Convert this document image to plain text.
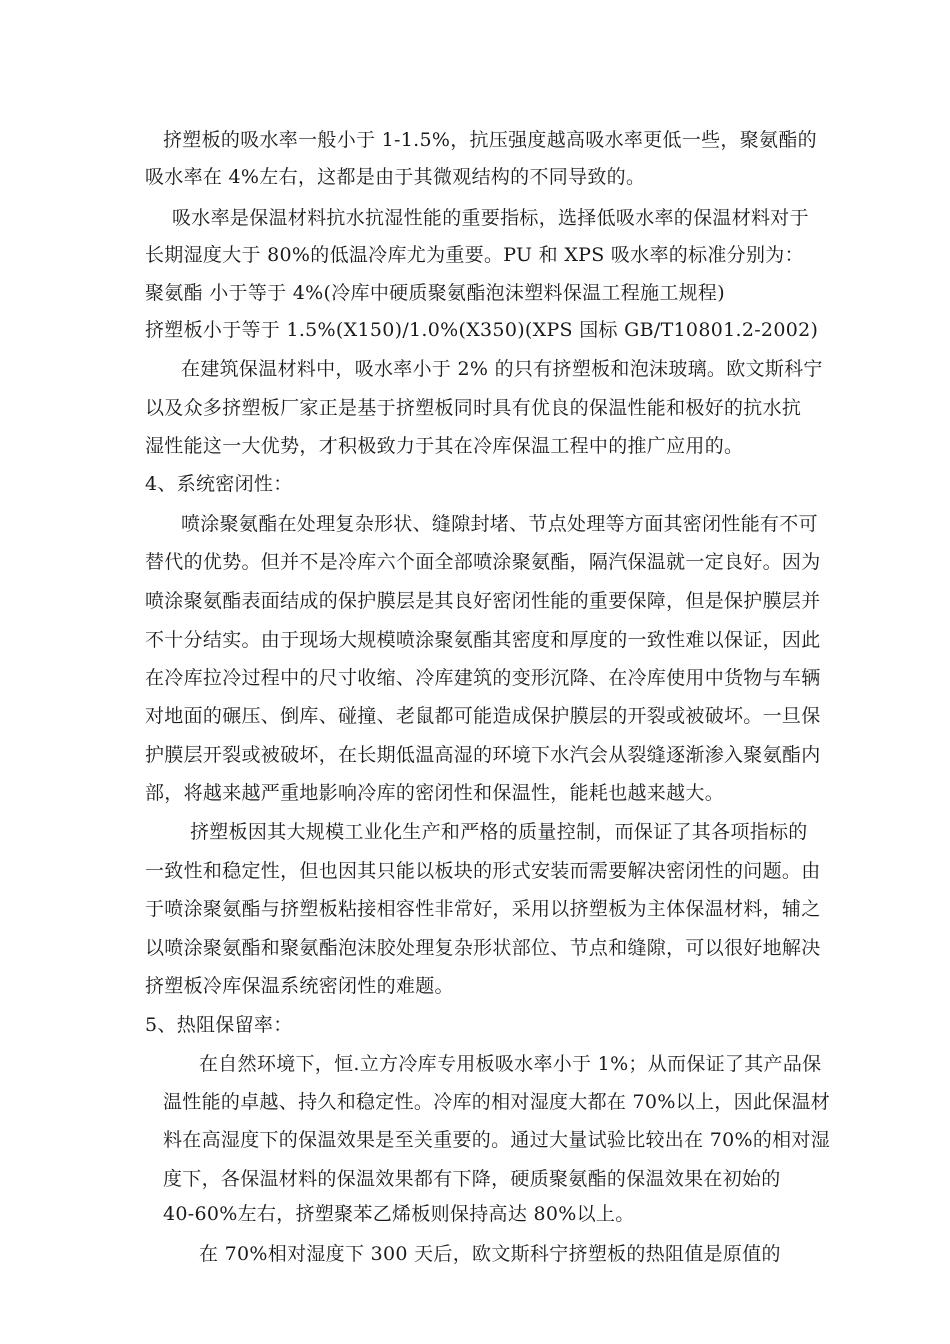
挤塑板的吸水率一般小于 1-1.5%，抗压强度越高吸水率更低一些，聚氨酯的
吸水率在 4%左右，这都是由于其微观结构的不同导致的。
吸水率是保温材料抗水抗湿性能的重要指标，选择低吸水率的保温材料对于
长期湿度大于 80%的低温冷库尤为重要。PU 和 XPS 吸水率的标准分别为：
聚氨酯 小于等于 4%(冷库中硬质聚氨酯泡沫塑料保温工程施工规程)
挤塑板小于等于 1.5%(X150)/1.0%(X350)(XPS 国标 GB/T10801.2-2002)
在建筑保温材料中，吸水率小于 2% 的只有挤塑板和泡沫玻璃。欧文斯科宁
以及众多挤塑板厂家正是基于挤塑板同时具有优良的保温性能和极好的抗水抗
湿性能这一大优势，才积极致力于其在冷库保温工程中的推广应用的。
4、系统密闭性：
喷涂聚氨酯在处理复杂形状、缝隙封堵、节点处理等方面其密闭性能有不可
替代的优势。但并不是冷库六个面全部喷涂聚氨酯，隔汽保温就一定良好。因为
喷涂聚氨酯表面结成的保护膜层是其良好密闭性能的重要保障，但是保护膜层并
不十分结实。由于现场大规模喷涂聚氨酯其密度和厚度的一致性难以保证，因此
在冷库拉冷过程中的尺寸收缩、冷库建筑的变形沉降、在冷库使用中货物与车辆
对地面的碾压、倒库、碰撞、老鼠都可能造成保护膜层的开裂或被破坏。一旦保
护膜层开裂或被破坏，在长期低温高湿的环境下水汽会从裂缝逐渐渗入聚氨酯内
部，将越来越严重地影响冷库的密闭性和保温性，能耗也越来越大。
挤塑板因其大规模工业化生产和严格的质量控制，而保证了其各项指标的
一致性和稳定性，但也因其只能以板块的形式安装而需要解决密闭性的问题。由
于喷涂聚氨酯与挤塑板粘接相容性非常好，采用以挤塑板为主体保温材料，辅之
以喷涂聚氨酯和聚氨酯泡沫胶处理复杂形状部位、节点和缝隙，可以很好地解决
挤塑板冷库保温系统密闭性的难题。
5、热阻保留率：
在自然环境下，恒.立方冷库专用板吸水率小于 1%；从而保证了其产品保
温性能的卓越、持久和稳定性。冷库的相对湿度大都在 70%以上，因此保温材
料在高湿度下的保温效果是至关重要的。通过大量试验比较出在 70%的相对湿
度下，各保温材料的保温效果都有下降，硬质聚氨酯的保温效果在初始的
40-60%左右，挤塑聚苯乙烯板则保持高达 80%以上。
在 70%相对湿度下 300 天后，欧文斯科宁挤塑板的热阻值是原值的
